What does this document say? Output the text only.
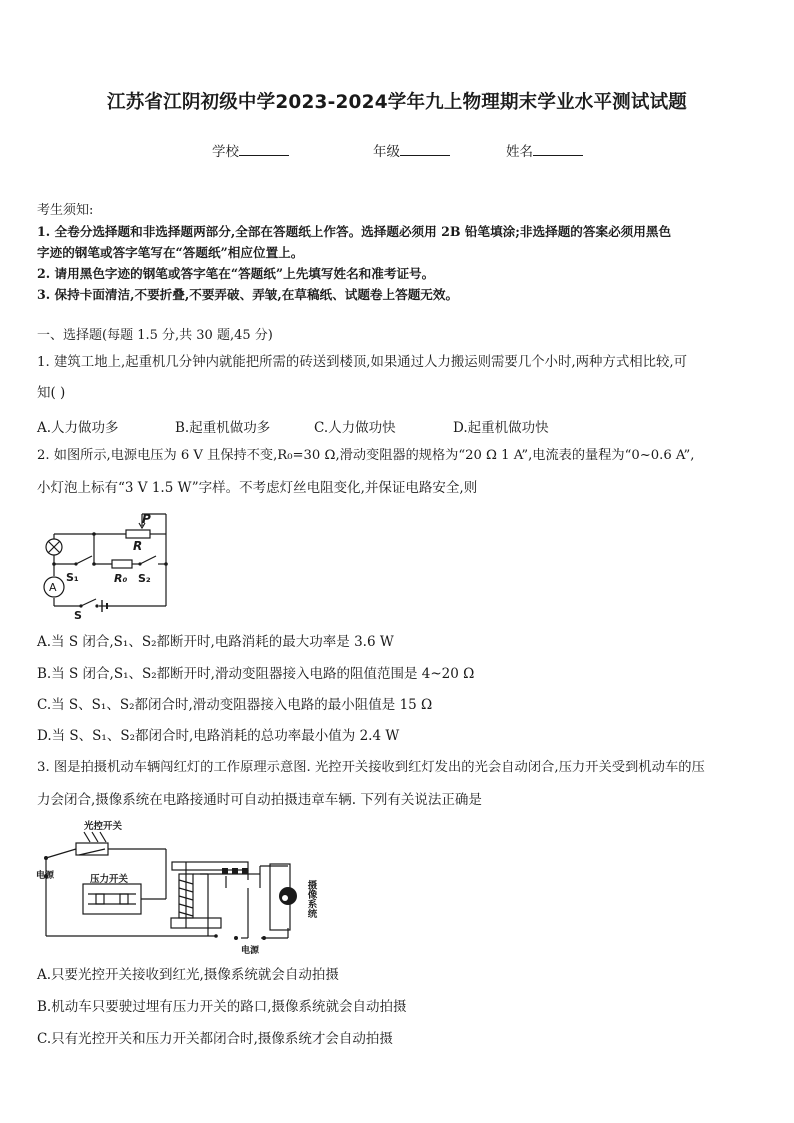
江苏省江阴初级中学2023-2024学年九上物理期末学业水平测试试题
学校	年级	姓名
考生须知:
1. 全卷分选择题和非选择题两部分,全部在答题纸上作答。选择题必须用 2B 铅笔填涂;非选择题的答案必须用黑色
字迹的钢笔或答字笔写在“答题纸”相应位置上。
2. 请用黑色字迹的钢笔或答字笔在“答题纸”上先填写姓名和准考证号。
3. 保持卡面清洁,不要折叠,不要弄破、弄皱,在草稿纸、试题卷上答题无效。
一、选择题(每题 1.5 分,共 30 题,45 分)
1. 建筑工地上,起重机几分钟内就能把所需的砖送到楼顶,如果通过人力搬运则需要几个小时,两种方式相比较,可
知( )
A.人力做功多	B.起重机做功多	C.人力做功快	D.起重机做功快
2. 如图所示,电源电压为 6 V 且保持不变,R₀=30 Ω,滑动变阻器的规格为“20 Ω 1 A”,电流表的量程为“0~0.6 A”,
小灯泡上标有“3 V 1.5 W”字样。不考虑灯丝电阻变化,并保证电路安全,则
P
R
A
S₁	R₀ S₂
S
A.当 S 闭合,S₁、S₂都断开时,电路消耗的最大功率是 3.6 W
B.当 S 闭合,S₁、S₂都断开时,滑动变阻器接入电路的阻值范围是 4~20 Ω
C.当 S、S₁、S₂都闭合时,滑动变阻器接入电路的最小阻值是 15 Ω
D.当 S、S₁、S₂都闭合时,电路消耗的总功率最小值为 2.4 W
3. 图是拍摄机动车辆闯红灯的工作原理示意图. 光控开关接收到红灯发出的光会自动闭合,压力开关受到机动车的压
力会闭合,摄像系统在电路接通时可自动拍摄违章车辆. 下列有关说法正确是
光控开关
电源	压力开关
电源
摄像系统
A.只要光控开关接收到红光,摄像系统就会自动拍摄
B.机动车只要驶过埋有压力开关的路口,摄像系统就会自动拍摄
C.只有光控开关和压力开关都闭合时,摄像系统才会自动拍摄
